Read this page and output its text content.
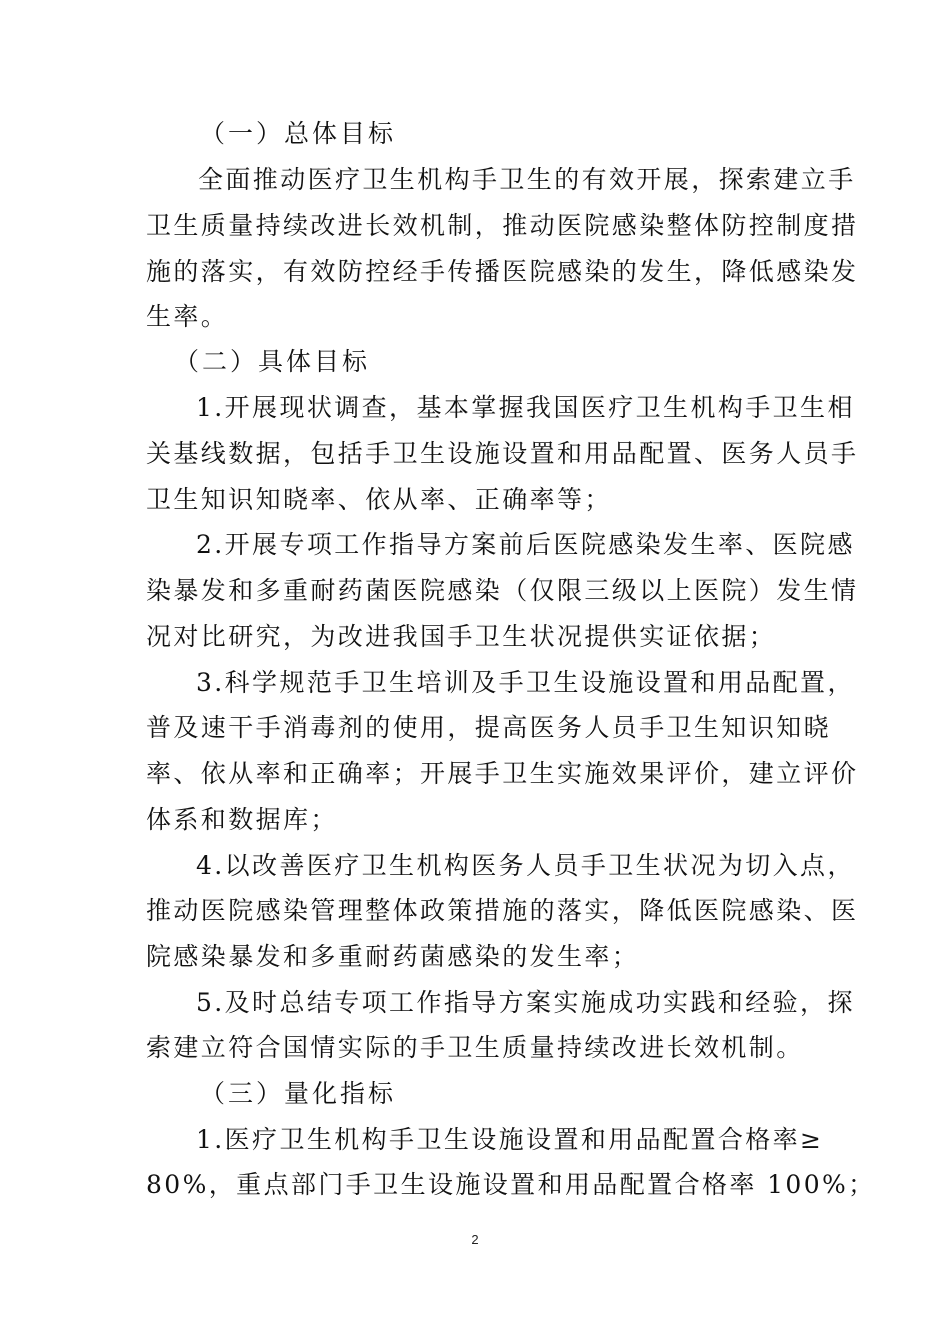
（一）总体目标
全面推动医疗卫生机构手卫生的有效开展，探索建立手
卫生质量持续改进长效机制，推动医院感染整体防控制度措
施的落实，有效防控经手传播医院感染的发生，降低感染发
生率。
（二）具体目标
1.开展现状调查，基本掌握我国医疗卫生机构手卫生相
关基线数据，包括手卫生设施设置和用品配置、医务人员手
卫生知识知晓率、依从率、正确率等；
2.开展专项工作指导方案前后医院感染发生率、医院感
染暴发和多重耐药菌医院感染（仅限三级以上医院）发生情
况对比研究，为改进我国手卫生状况提供实证依据；
3.科学规范手卫生培训及手卫生设施设置和用品配置，
普及速干手消毒剂的使用，提高医务人员手卫生知识知晓
率、依从率和正确率；开展手卫生实施效果评价，建立评价
体系和数据库；
4.以改善医疗卫生机构医务人员手卫生状况为切入点，
推动医院感染管理整体政策措施的落实，降低医院感染、医
院感染暴发和多重耐药菌感染的发生率；
5.及时总结专项工作指导方案实施成功实践和经验，探
索建立符合国情实际的手卫生质量持续改进长效机制。
（三）量化指标
1.医疗卫生机构手卫生设施设置和用品配置合格率≥
80%，重点部门手卫生设施设置和用品配置合格率 100%；
2
